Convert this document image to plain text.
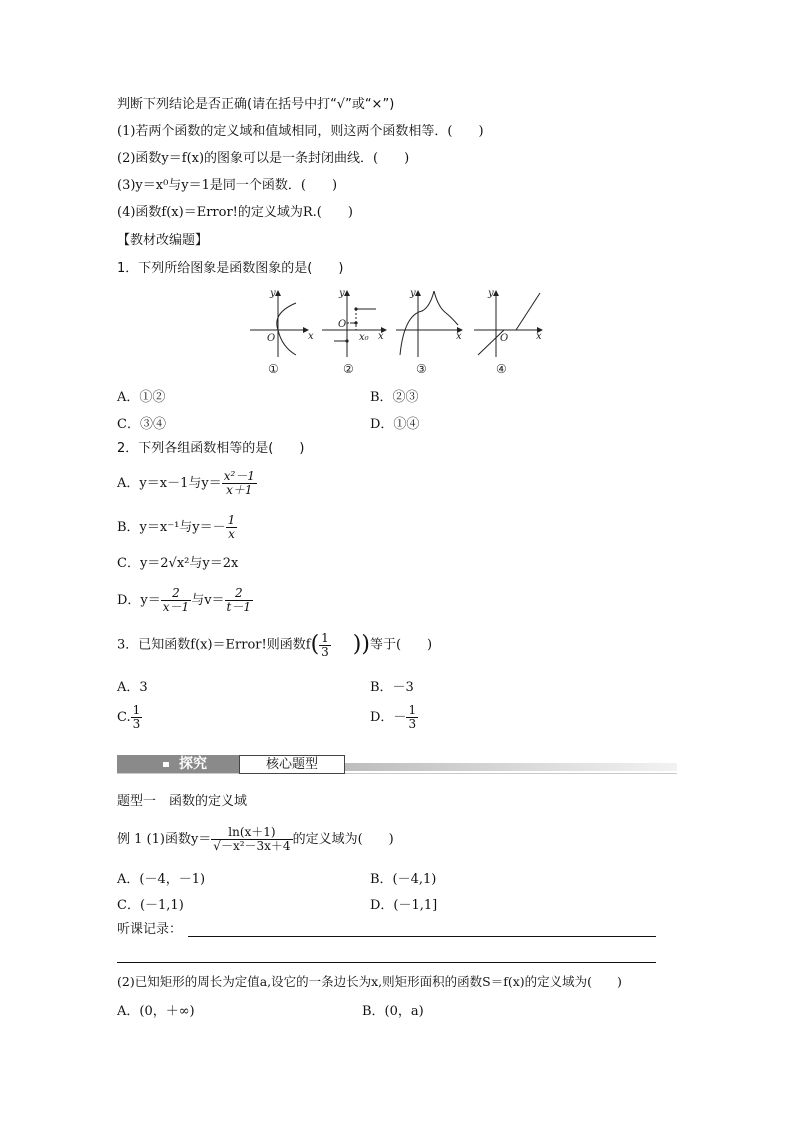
判断下列结论是否正确(请在括号中打“√”或“×”)
(1)若两个函数的定义域和值域相同，则这两个函数相等．(　　)
(2)函数y＝f(x)的图象可以是一条封闭曲线．(　　)
(3)y＝x⁰与y＝1是同一个函数．(　　)
(4)函数f(x)＝Error!的定义域为R.(　　)
【教材改编题】
1．下列所给图象是函数图象的是(　　)
y
x
O
y
x
O
x₀
y
x
y
x
O
①	②	③	④
A．①②	B．②③
C．③④	D．①④
2．下列各组函数相等的是(　　)
A．y＝x－1与$y= \frac{\text{x²－1}}{x+1}$
B．y＝x⁻¹与$y=- \frac{1}{x}$
C．y＝2√x²与y＝2x
D．$y= \frac{2}{x-1}$ 与$v= \frac{2}{t-1}$
3．已知函数f(x)＝Error!则函数$f( \frac{1}{3}$ ))等于(　　)
A．3	B．－3
C. $\frac{1}{3}$	D．－ $\frac{1}{3}$
探究	核心题型
题型一　函数的定义域
例 1 (1)函数$y= \frac{\ln(x+1)}{\text{√－x²－3x＋4}}$ 的定义域为(　　)
A．(－4，－1)	B．(－4,1)
C．(－1,1)	D．(－1,1]
听课记录：
(2)已知矩形的周长为定值a,设它的一条边长为x,则矩形面积的函数S＝f(x)的定义域为(　　)
A．(0，＋∞)	B．(0，a)
